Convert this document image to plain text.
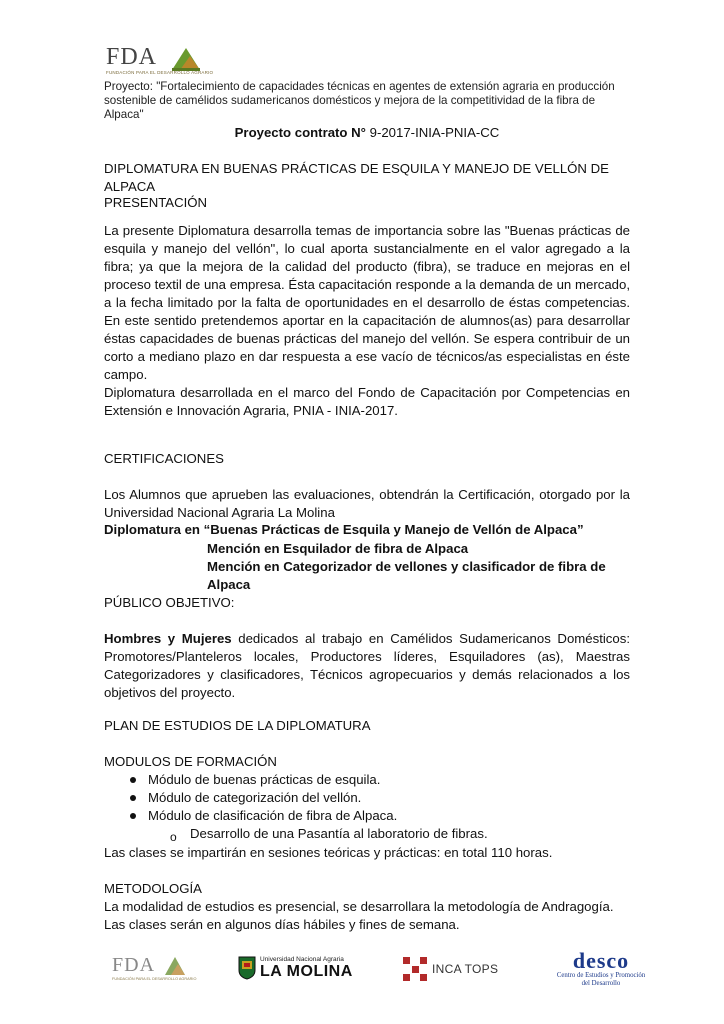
FDA
FUNDACIÓN PARA EL DESARROLLO AGRARIO
Proyecto: "Fortalecimiento de capacidades técnicas en agentes de extensión agraria en producción sostenible de camélidos sudamericanos domésticos y mejora de la competitividad de la fibra de Alpaca"
Proyecto contrato N° 9-2017-INIA-PNIA-CC
DIPLOMATURA EN BUENAS PRÁCTICAS DE ESQUILA Y MANEJO DE VELLÓN DE ALPACA
PRESENTACIÓN
La presente Diplomatura desarrolla temas de importancia sobre las "Buenas prácticas de esquila y manejo del vellón", lo cual aporta sustancialmente en el valor agregado a la fibra; ya que la mejora de la calidad del producto (fibra), se traduce en mejoras en el proceso textil de una empresa. Ésta capacitación responde a la demanda de un mercado, a la fecha limitado por la falta de oportunidades en el desarrollo de éstas competencias. En este sentido pretendemos aportar en la capacitación de alumnos(as) para desarrollar éstas capacidades de buenas prácticas del manejo del vellón. Se espera contribuir de un corto a mediano plazo en dar respuesta a ese vacío de técnicos/as especialistas en éste campo.
Diplomatura desarrollada en el marco del Fondo de Capacitación por Competencias en Extensión e Innovación Agraria, PNIA - INIA-2017.
CERTIFICACIONES
Los Alumnos que aprueben las evaluaciones, obtendrán la Certificación, otorgado por la Universidad Nacional Agraria La Molina
Diplomatura en “Buenas Prácticas de Esquila y Manejo de Vellón de Alpaca”
Mención en Esquilador de fibra de Alpaca
Mención en Categorizador de vellones y clasificador de fibra de Alpaca
PÚBLICO OBJETIVO:
Hombres y Mujeres dedicados al trabajo en Camélidos Sudamericanos Domésticos: Promotores/Planteleros locales, Productores líderes, Esquiladores (as), Maestras Categorizadores y clasificadores, Técnicos agropecuarios y demás relacionados a los objetivos del proyecto.
PLAN DE ESTUDIOS DE LA DIPLOMATURA
MODULOS DE FORMACIÓN
Módulo de buenas prácticas de esquila.
Módulo de categorización del vellón.
Módulo de clasificación de fibra de Alpaca.
o Desarrollo de una Pasantía al laboratorio de fibras.
Las clases se impartirán en sesiones teóricas y prácticas: en total 110 horas.
METODOLOGÍA
La modalidad de estudios es presencial, se desarrollara la metodología de Andragogía.
Las clases serán en algunos días hábiles y fines de semana.
FDA
FUNDACIÓN PARA EL DESARROLLO AGRARIO
Universidad Nacional Agraria
LA MOLINA	INCA TOPS	desco
Centro de Estudios y Promoción
del Desarrollo
